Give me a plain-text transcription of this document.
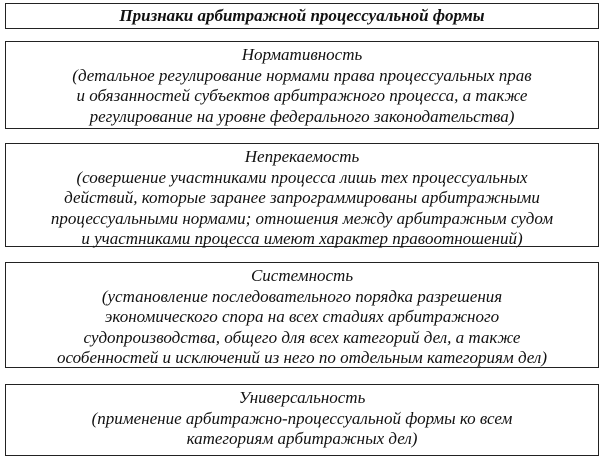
Признаки арбитражной процессуальной формы
Нормативность
(детальное регулирование нормами права процессуальных прав
и обязанностей субъектов арбитражного процесса, а также
регулирование на уровне федерального законодательства)
Непрекаемость
(совершение участниками процесса лишь тех процессуальных
действий, которые заранее запрограммированы арбитражными
процессуальными нормами; отношения между арбитражным судом
и участниками процесса имеют характер правоотношений)
Системность
(установление последовательного порядка разрешения
экономического спора на всех стадиях арбитражного
судопроизводства, общего для всех категорий дел, а также
особенностей и исключений из него по отдельным категориям дел)
Универсальность
(применение арбитражно-процессуальной формы ко всем
категориям арбитражных дел)
